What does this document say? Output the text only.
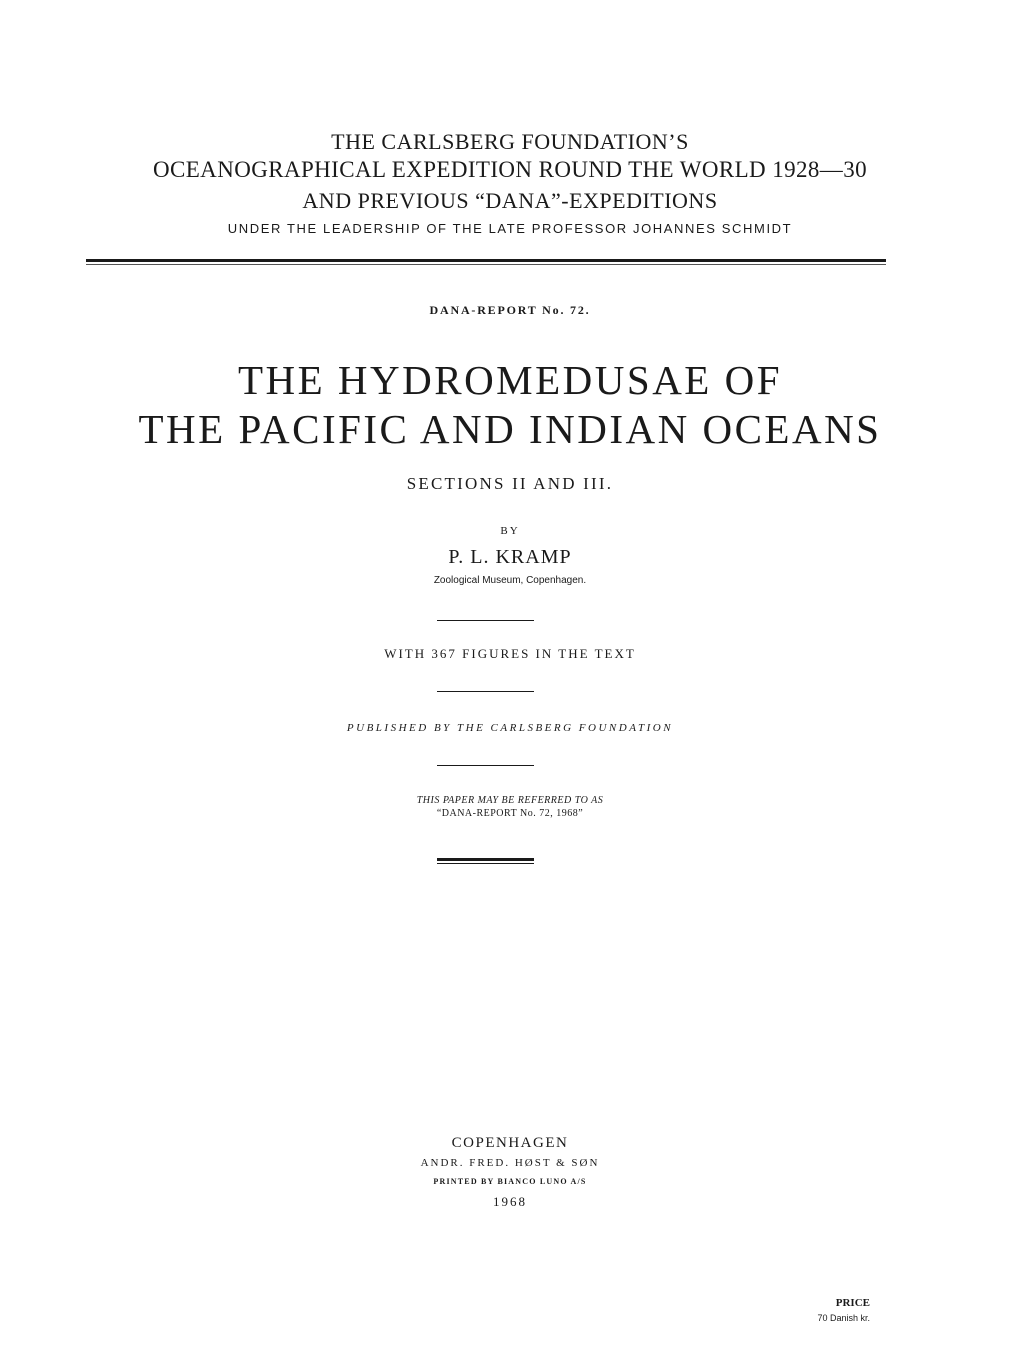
THE CARLSBERG FOUNDATION’S
OCEANOGRAPHICAL EXPEDITION ROUND THE WORLD 1928—30
AND PREVIOUS “DANA”-EXPEDITIONS
UNDER THE LEADERSHIP OF THE LATE PROFESSOR JOHANNES SCHMIDT
DANA-REPORT No. 72.
THE HYDROMEDUSAE OF
THE PACIFIC AND INDIAN OCEANS
SECTIONS II AND III.
BY
P. L. KRAMP
Zoological Museum, Copenhagen.
WITH 367 FIGURES IN THE TEXT
PUBLISHED BY THE CARLSBERG FOUNDATION
THIS PAPER MAY BE REFERRED TO AS
“DANA-REPORT No. 72, 1968”
COPENHAGEN
ANDR. FRED. HØST & SØN
PRINTED BY BIANCO LUNO A/S
1968
PRICE
70 Danish kr.
